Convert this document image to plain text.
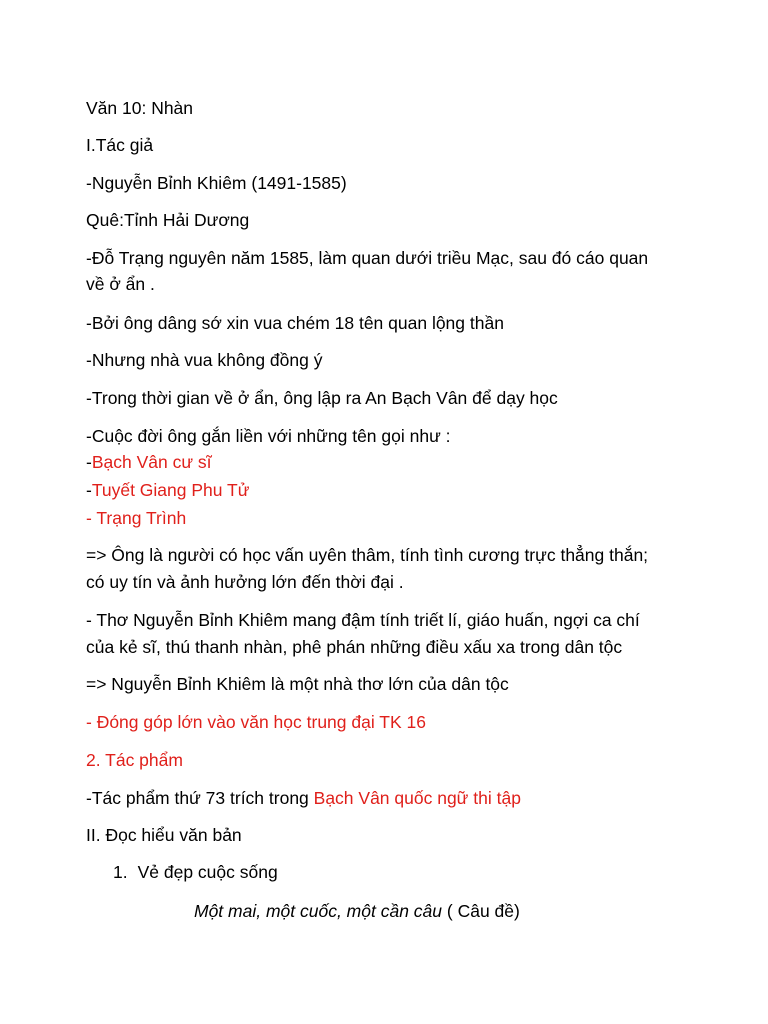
Văn 10: Nhàn
I.Tác giả
-Nguyễn Bỉnh Khiêm (1491-1585)
Quê:Tỉnh Hải Dương
-Đỗ Trạng nguyên năm 1585, làm quan dưới triều Mạc, sau đó cáo quan
về ở ẩn .
-Bởi ông dâng sớ xin vua chém 18 tên quan lộng thần
-Nhưng nhà vua không đồng ý
-Trong thời gian về ở ẩn, ông lập ra An Bạch Vân để dạy học
-Cuộc đời ông gắn liền với những tên gọi như :
-Bạch Vân cư sĩ
-Tuyết Giang Phu Tử
- Trạng Trình
=> Ông là người có học vấn uyên thâm, tính tình cương trực thẳng thắn;
có uy tín và ảnh hưởng lớn đến thời đại .
- Thơ Nguyễn Bỉnh Khiêm mang đậm tính triết lí, giáo huấn, ngợi ca chí
của kẻ sĩ, thú thanh nhàn, phê phán những điều xấu xa trong dân tộc
=> Nguyễn Bỉnh Khiêm là một nhà thơ lớn của dân tộc
- Đóng góp lớn vào văn học trung đại TK 16
2. Tác phẩm
-Tác phẩm thứ 73 trích trong Bạch Vân quốc ngữ thi tập
II. Đọc hiểu văn bản
1. Vẻ đẹp cuộc sống
Một mai, một cuốc, một cần câu ( Câu đề)
